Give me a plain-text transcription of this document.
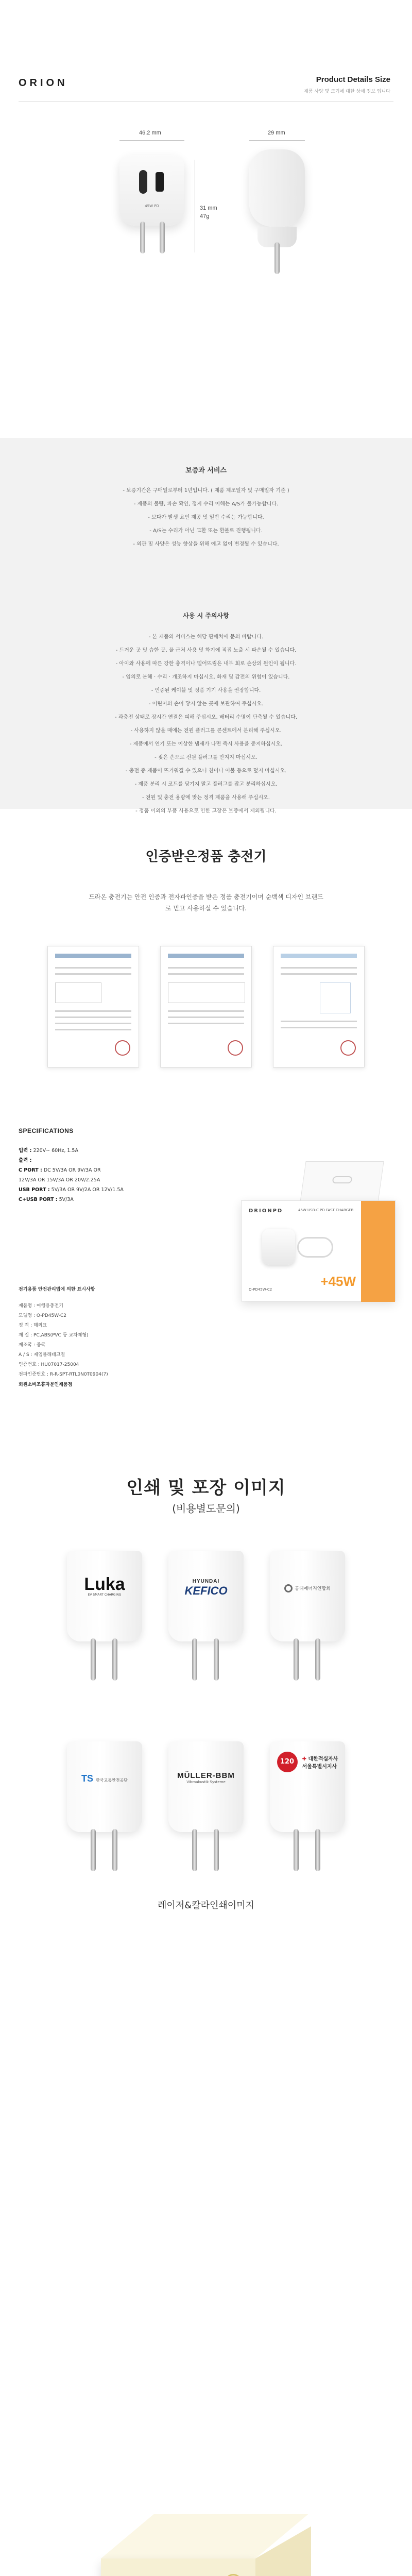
ORION	Product Details Size
제품 사양 및 크기에 대한 상세 정보 입니다
46.2 mm	29 mm
45W PD	31 mm
47g
보증과 서비스
- 보증기간은 구매일로부터 1년입니다. ( 제품 제조일자 및 구매일자 기준 )
- 제품의 불량, 파손 확인, 정지 수리 이해는 A/S가 불가능합니다.
- 보다가 발생 요인 제공 및 일반 수리는 가능합니다.
- A/S는 수리가 아닌 교환 또는 환불로 진행됩니다.
- 외관 및 사양은 성능 향상을 위해 예고 없이 변경될 수 있습니다.
사용 시 주의사항
- 본 제품의 서비스는 해당 판매처에 문의 바랍니다.
- 드거운 곳 및 습한 곳, 물 근처 사용 및 화기에 직접 노출 시 파손될 수 있습니다.
- 아이와 사용에 따른 강한 충격이나 떨어뜨림은 내부 회로 손상의 원인이 됩니다.
- 임의로 분해 · 수리 · 개조하지 마십시오. 화재 및 감전의 위험이 있습니다.
- 인증된 케이블 및 정품 기기 사용을 권장합니다.
- 어린이의 손이 닿지 않는 곳에 보관하여 주십시오.
- 과충전 상태로 장시간 연결은 피해 주십시오. 배터리 수명이 단축될 수 있습니다.
- 사용하지 않을 때에는 전원 플러그를 콘센트에서 분리해 주십시오.
- 제품에서 연기 또는 이상한 냄새가 나면 즉시 사용을 중지하십시오.
- 젖은 손으로 전원 플러그를 만지지 마십시오.
- 충전 중 제품이 뜨거워질 수 있으니 천이나 이불 등으로 덮지 마십시오.
- 제품 분리 시 코드를 당기지 말고 플러그를 잡고 분리하십시오.
- 전원 및 충전 용량에 맞는 정격 제품을 사용해 주십시오.
- 정품 이외의 부품 사용으로 인한 고장은 보증에서 제외됩니다.
인증받은정품 충전기
드라온 충전기는 안전 인증과 전자파인증을 받은 정품 충전기이며 순백색 디자인 브랜드로 믿고 사용하실 수 있습니다.
SPECIFICATIONS
입력 : 220V~ 60Hz, 1.5A
출력 :
C PORT : DC 5V/3A OR 9V/3A OR
12V/3A OR 15V/3A OR 20V/2.25A
USB PORT : 5V/3A OR 9V/2A OR 12V/1.5A
C+USB PORT : 5V/3A
전기용품 안전관리법에 의한 표시사항
제품명 : 여행용충전기
모델명 : O-PD45W-C2
정 격 : 해외표
재 질 : PC,ABS(PVC 등 교차제형)
제조국 : 중국
A / S : 제임플래테크컬
인증번호 : HU07017-25004
전파인증번호 : R-R-SPT-RTL0N0T0904(7)
회원소비조휴자문인제품점
DRIONPD	45W USB-C PD FAST CHARGER
O-PD45W-C2
+45W
인쇄 및 포장 이미지
(비용별도문의)
Luka
EV SMART CHARGING
HYUNDAI
KEFICO	공대에너지연합회
TS 한국교통안전공단
MÜLLER-BBM
Vibroakustik Systeme
120 ✚ 대한적십자사
서울특별시지사
레이저&칼라인쇄이미지
